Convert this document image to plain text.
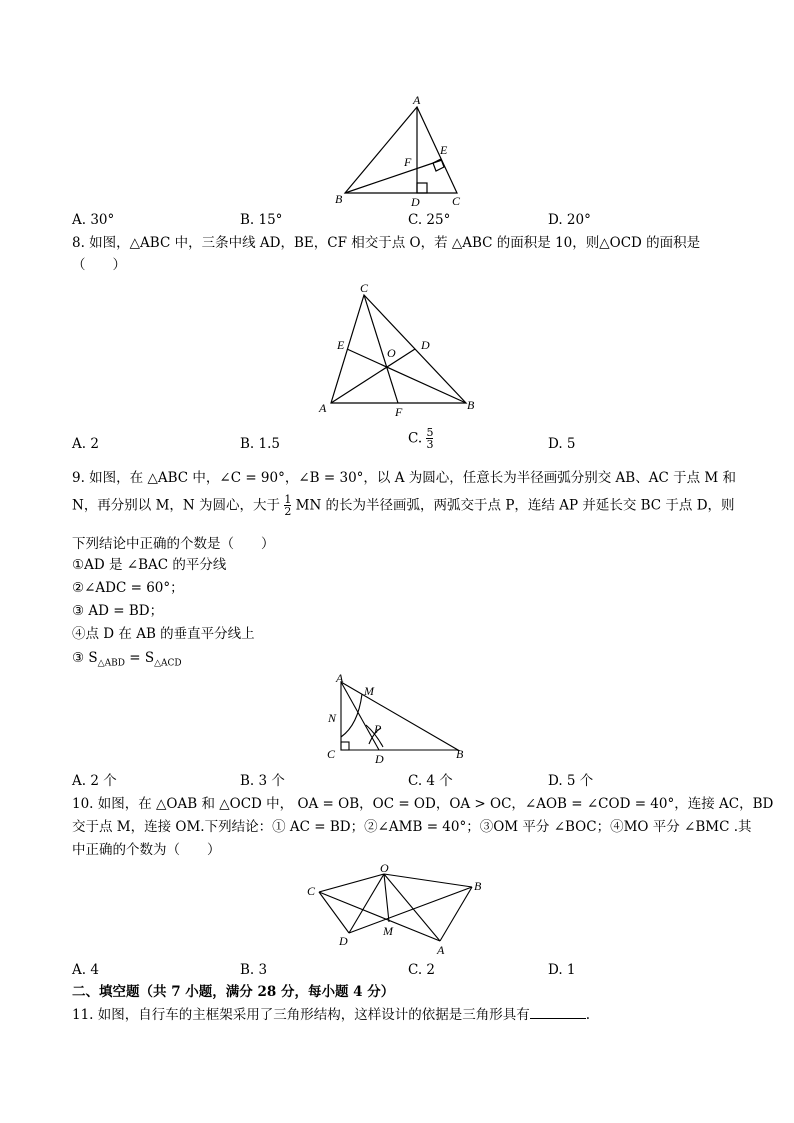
A
B	C
D
E
F
A. 30°	B. 15°	C. 25°	D. 20°
8. 如图，△ABC 中，三条中线 AD，BE，CF 相交于点 O，若 △ABC 的面积是 10，则△OCD 的面积是
（　　）
C
A	B
D
E
F
O
A. 2	B. 1.5	C. $\frac{5}{3}$	D. 5
9. 如图，在 △ABC 中，∠C = 90°，∠B = 30°，以 A 为圆心，任意长为半径画弧分别交 AB、AC 于点 M 和
N，再分别以 M，N 为圆心，大于 $\frac{1}{2}$ MN 的长为半径画弧，两弧交于点 P，连结 AP 并延长交 BC 于点 D，则
下列结论中正确的个数是（　　）
①AD 是 ∠BAC 的平分线
②∠ADC = 60°；
③ AD = BD；
④点 D 在 AB 的垂直平分线上
③ $S_{\triangle ABD} = S_{\triangle ACD}$
A
M
N
P
C	D	B
A. 2 个	B. 3 个	C. 4 个	D. 5 个
10. 如图，在 △OAB 和 △OCD 中， OA = OB，OC = OD，OA > OC，∠AOB = ∠COD = 40°，连接 AC，BD
交于点 M，连接 OM.下列结论：① AC = BD；②∠AMB = 40°；③OM 平分 ∠BOC；④MO 平分 ∠BMC .其
中正确的个数为（　　）
O
C	B
D
M
A
A. 4	B. 3	C. 2	D. 1
二、填空题（共 7 小题，满分 28 分，每小题 4 分）
11. 如图，自行车的主框架采用了三角形结构，这样设计的依据是三角形具有	.
